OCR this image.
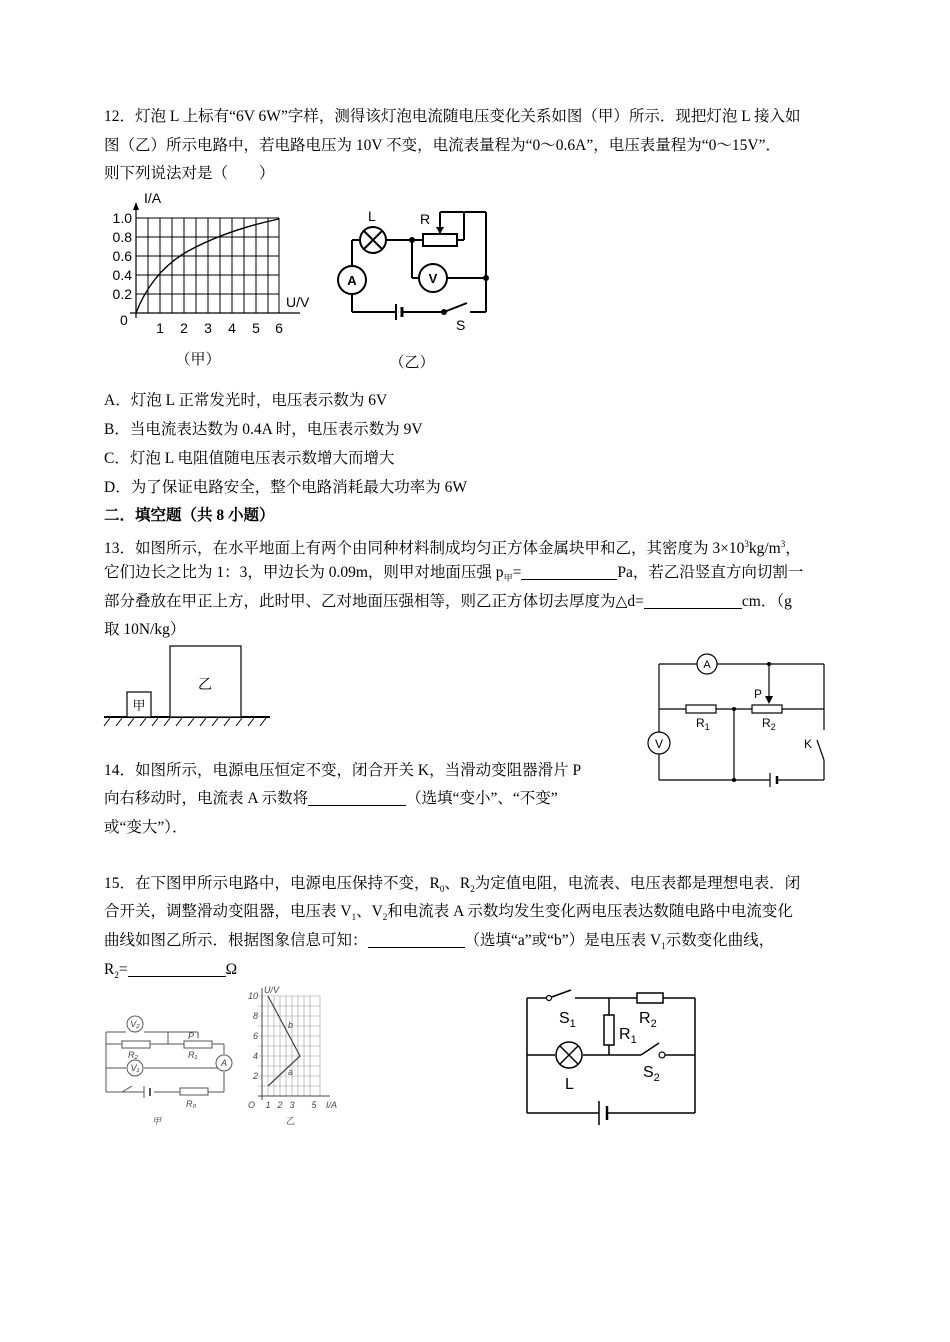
12．灯泡 L 上标有“6V 6W”字样，测得该灯泡电流随电压变化关系如图（甲）所示．现把灯泡 L 接入如
图（乙）所示电路中，若电路电压为 10V 不变，电流表量程为“0～0.6A”，电压表量程为“0～15V”．
则下列说法对是（　　）
I/A
U/V
0
1.0
0.8
0.6
0.4
0.2
1 2 3 4 5 6
（甲）
L	R
A	V
S
（乙）
A．灯泡 L 正常发光时，电压表示数为 6V
B．当电流表达数为 0.4A 时，电压表示数为 9V
C．灯泡 L 电阻值随电压表示数增大而增大
D．为了保证电路安全，整个电路消耗最大功率为 6W
二．填空题（共 8 小题）
13．如图所示，在水平地面上有两个由同种材料制成均匀正方体金属块甲和乙，其密度为 $3\times 10^3kg/m^3$，
它们边长之比为 1：3，甲边长为 0.09m，则甲对地面压强 $p_甲=$	Pa，若乙沿竖直方向切割一
部分叠放在甲正上方，此时甲、乙对地面压强相等，则乙正方体切去厚度为△d=	cm．（g
取 10N/kg）
甲
乙
A
V
P
$R_1$	$R_2$
K
14．如图所示，电源电压恒定不变，闭合开关 K，当滑动变阻器滑片 P
向右移动时，电流表 A 示数将	（选填“变小”、“不变”
或“变大”）．
15．在下图甲所示电路中，电源电压保持不变，$R_0$、$R_2$为定值电阻，电流表、电压表都是理想电表．闭
合开关，调整滑动变阻器，电压表 $V_1$、$V_2$和电流表 A 示数均发生变化两电压表达数随电路中电流变化
曲线如图乙所示．根据图象信息可知：	（选填“a”或“b”）是电压表 $V_1$示数变化曲线，
$R_2=$	Ω
V₂
V₁	A
P
R₂	R₁
R₀
甲
U/V
I/A
O
10
8
6
4
2
1 2 3 5
a
b
乙
$S_1$
$R_1$
$R_2$
L
$S_2$
